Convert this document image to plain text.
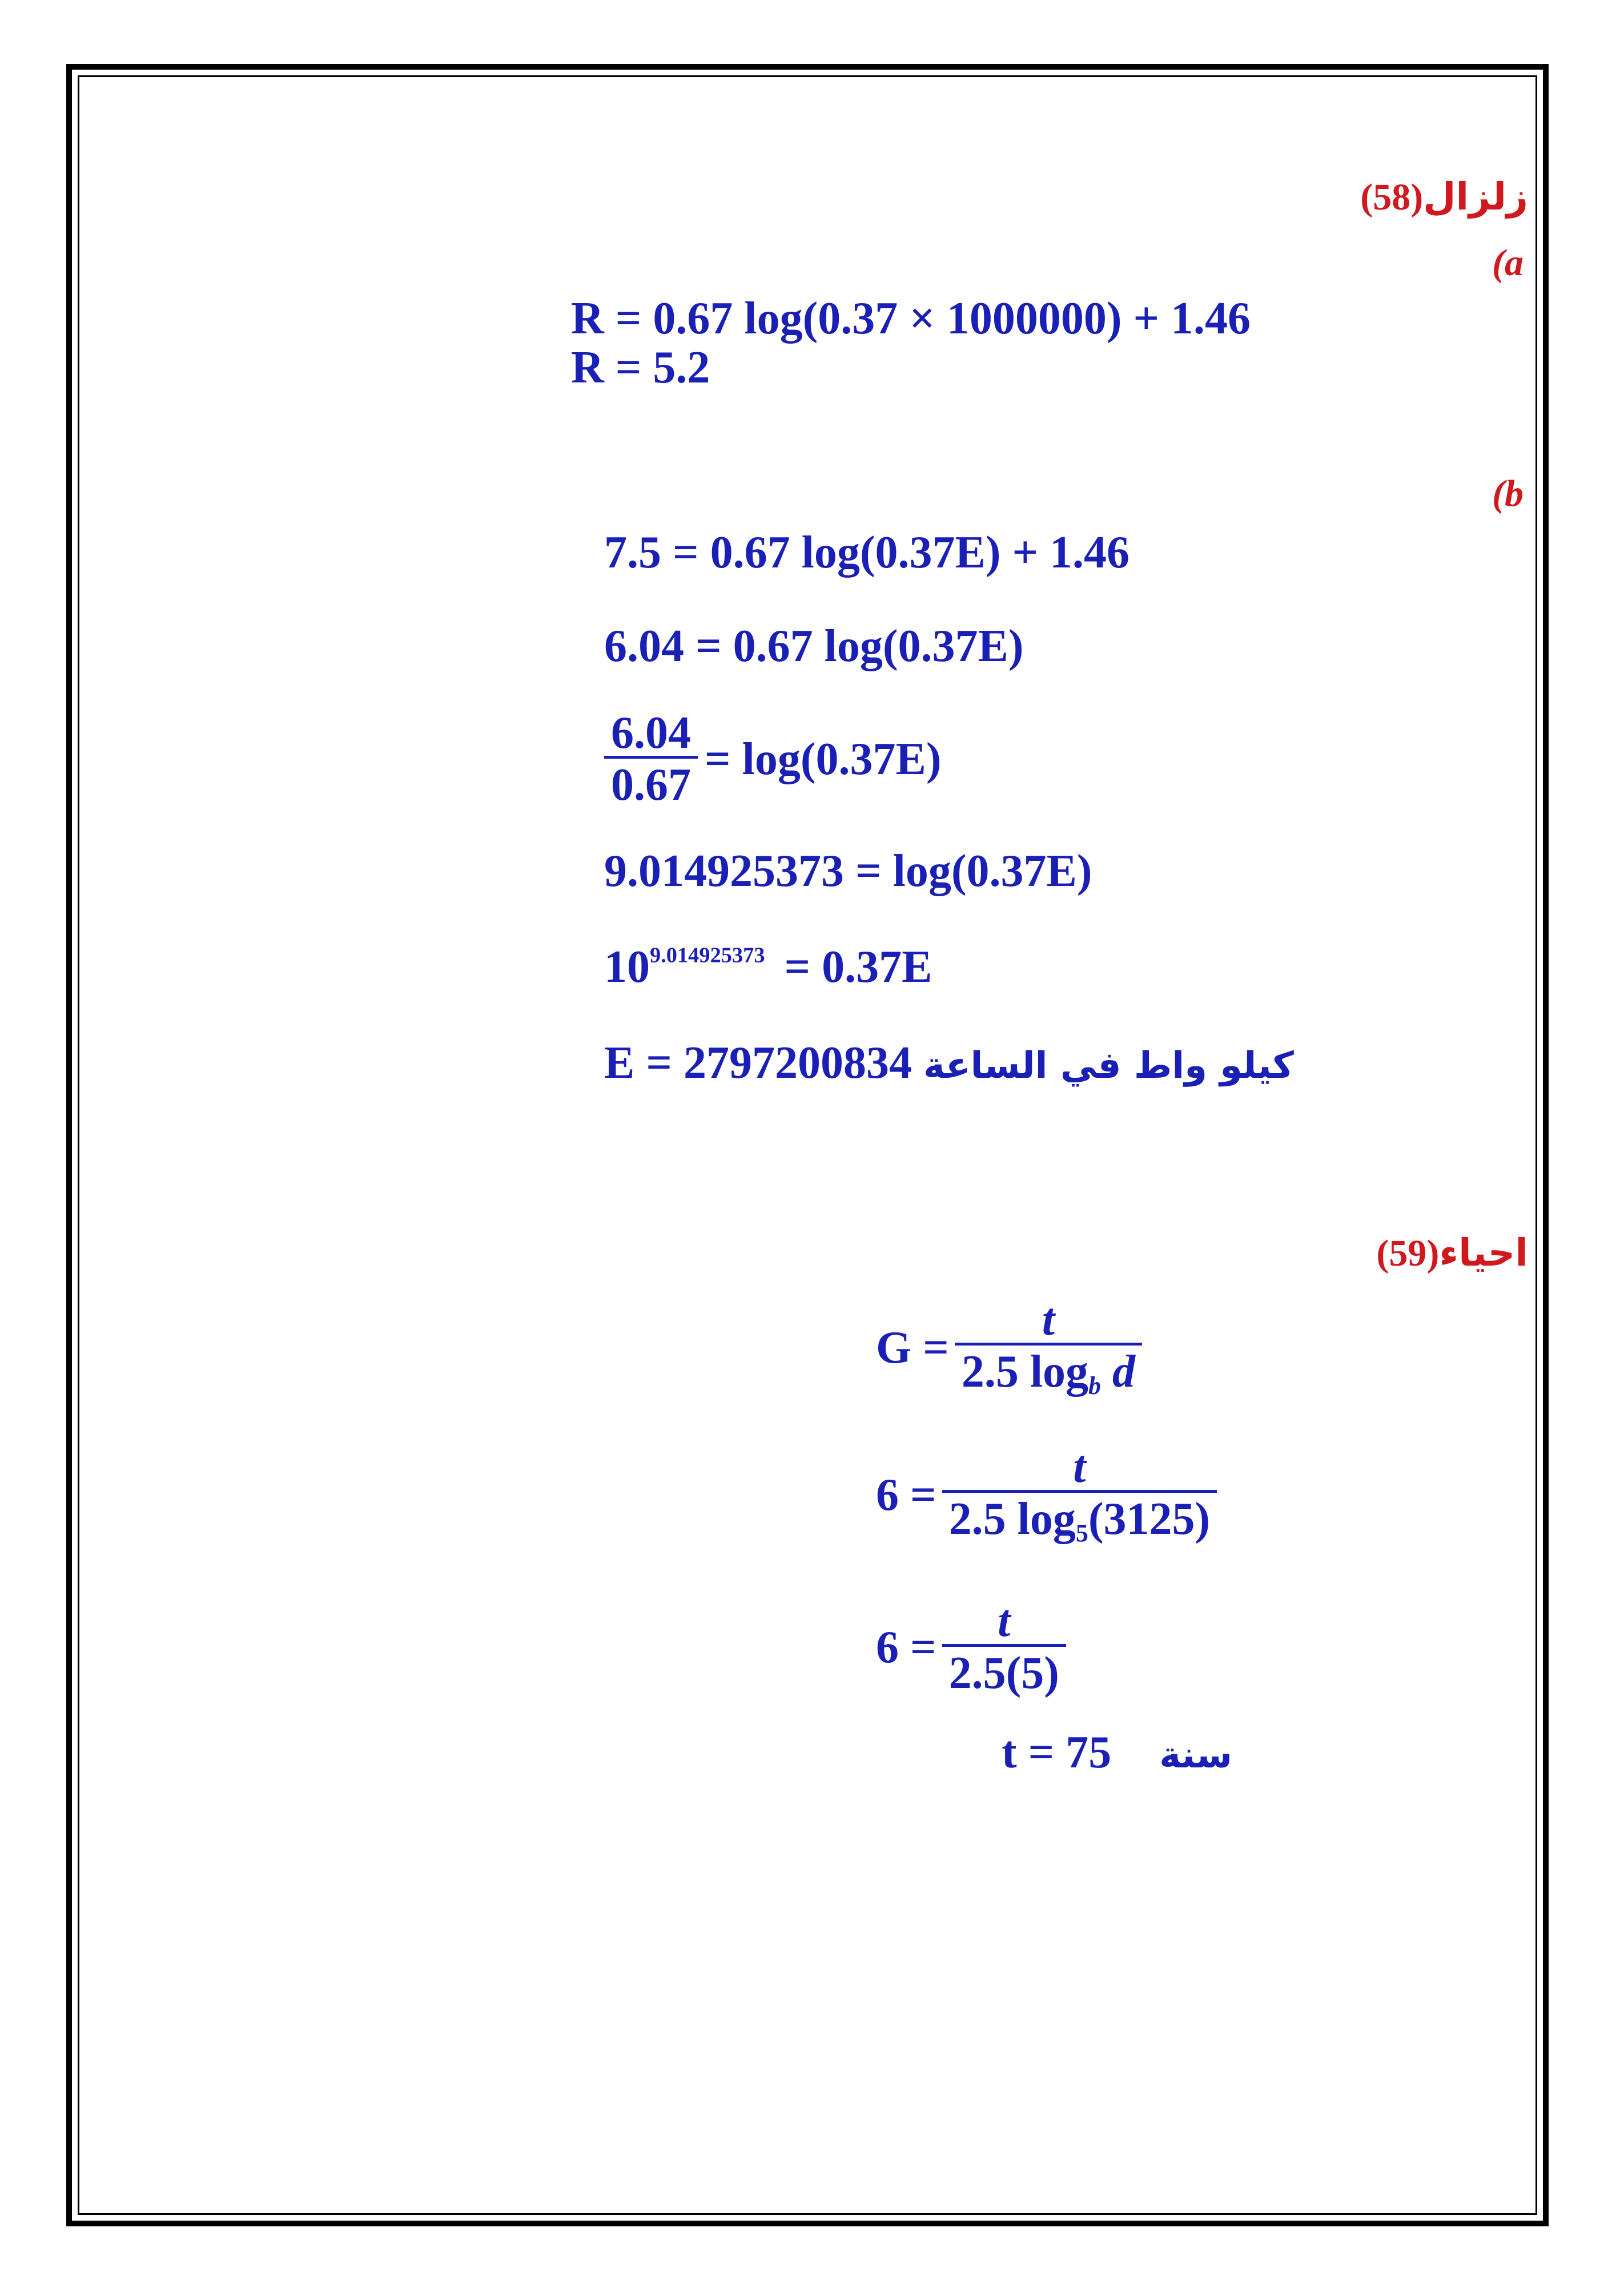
زلزال(58)
(a
R = 0.67 log(0.37 × 1000000) + 1.46
R = 5.2
(b
7.5 = 0.67 log(0.37E) + 1.46
6.04 = 0.67 log(0.37E)
$\frac{6.04}{0.67} = \log(0.37E)$
9.014925373 = log(0.37E)
$10^{9.014925373} = 0.37E$
E = 2797200834 كيلو واط في الساعة
احياء(59)
$G = \frac{t}{2.5 \log_b d}$
$6 = \frac{t}{2.5 \log_5(3125)}$
$6 = \frac{t}{2.5(5)}$
t = 75 سنة
